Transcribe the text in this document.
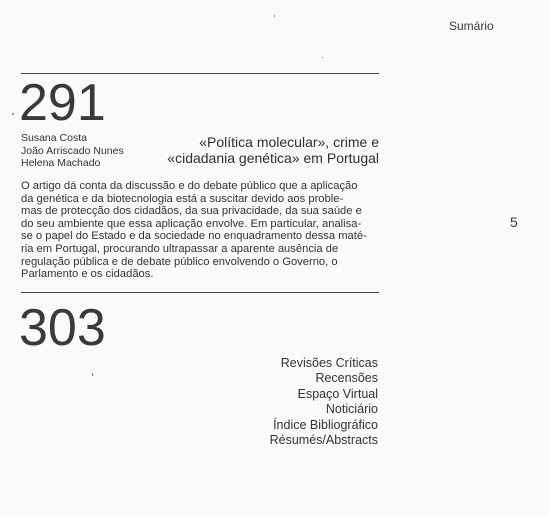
Sumário
5
291
Susana Costa
João Arriscado Nunes
Helena Machado
«Política molecular», crime e
«cidadania genética» em Portugal
O artigo dá conta da discussão e do debate público que a aplicação
da genética e da biotecnologia está a suscitar devido aos proble-
mas de protecção dos cidadãos, da sua privacidade, da sua saúde e
do seu ambiente que essa aplicação envolve. Em particular, analisa-
se o papel do Estado e da sociedade no enquadramento dessa maté-
ria em Portugal, procurando ultrapassar a aparente ausência de
regulação pública e de debate público envolvendo o Governo, o
Parlamento e os cidadãos.
303
Revisões Críticas
Recensões
Espaço Virtual
Noticiário
Índice Bibliográfico
Résumés/Abstracts
